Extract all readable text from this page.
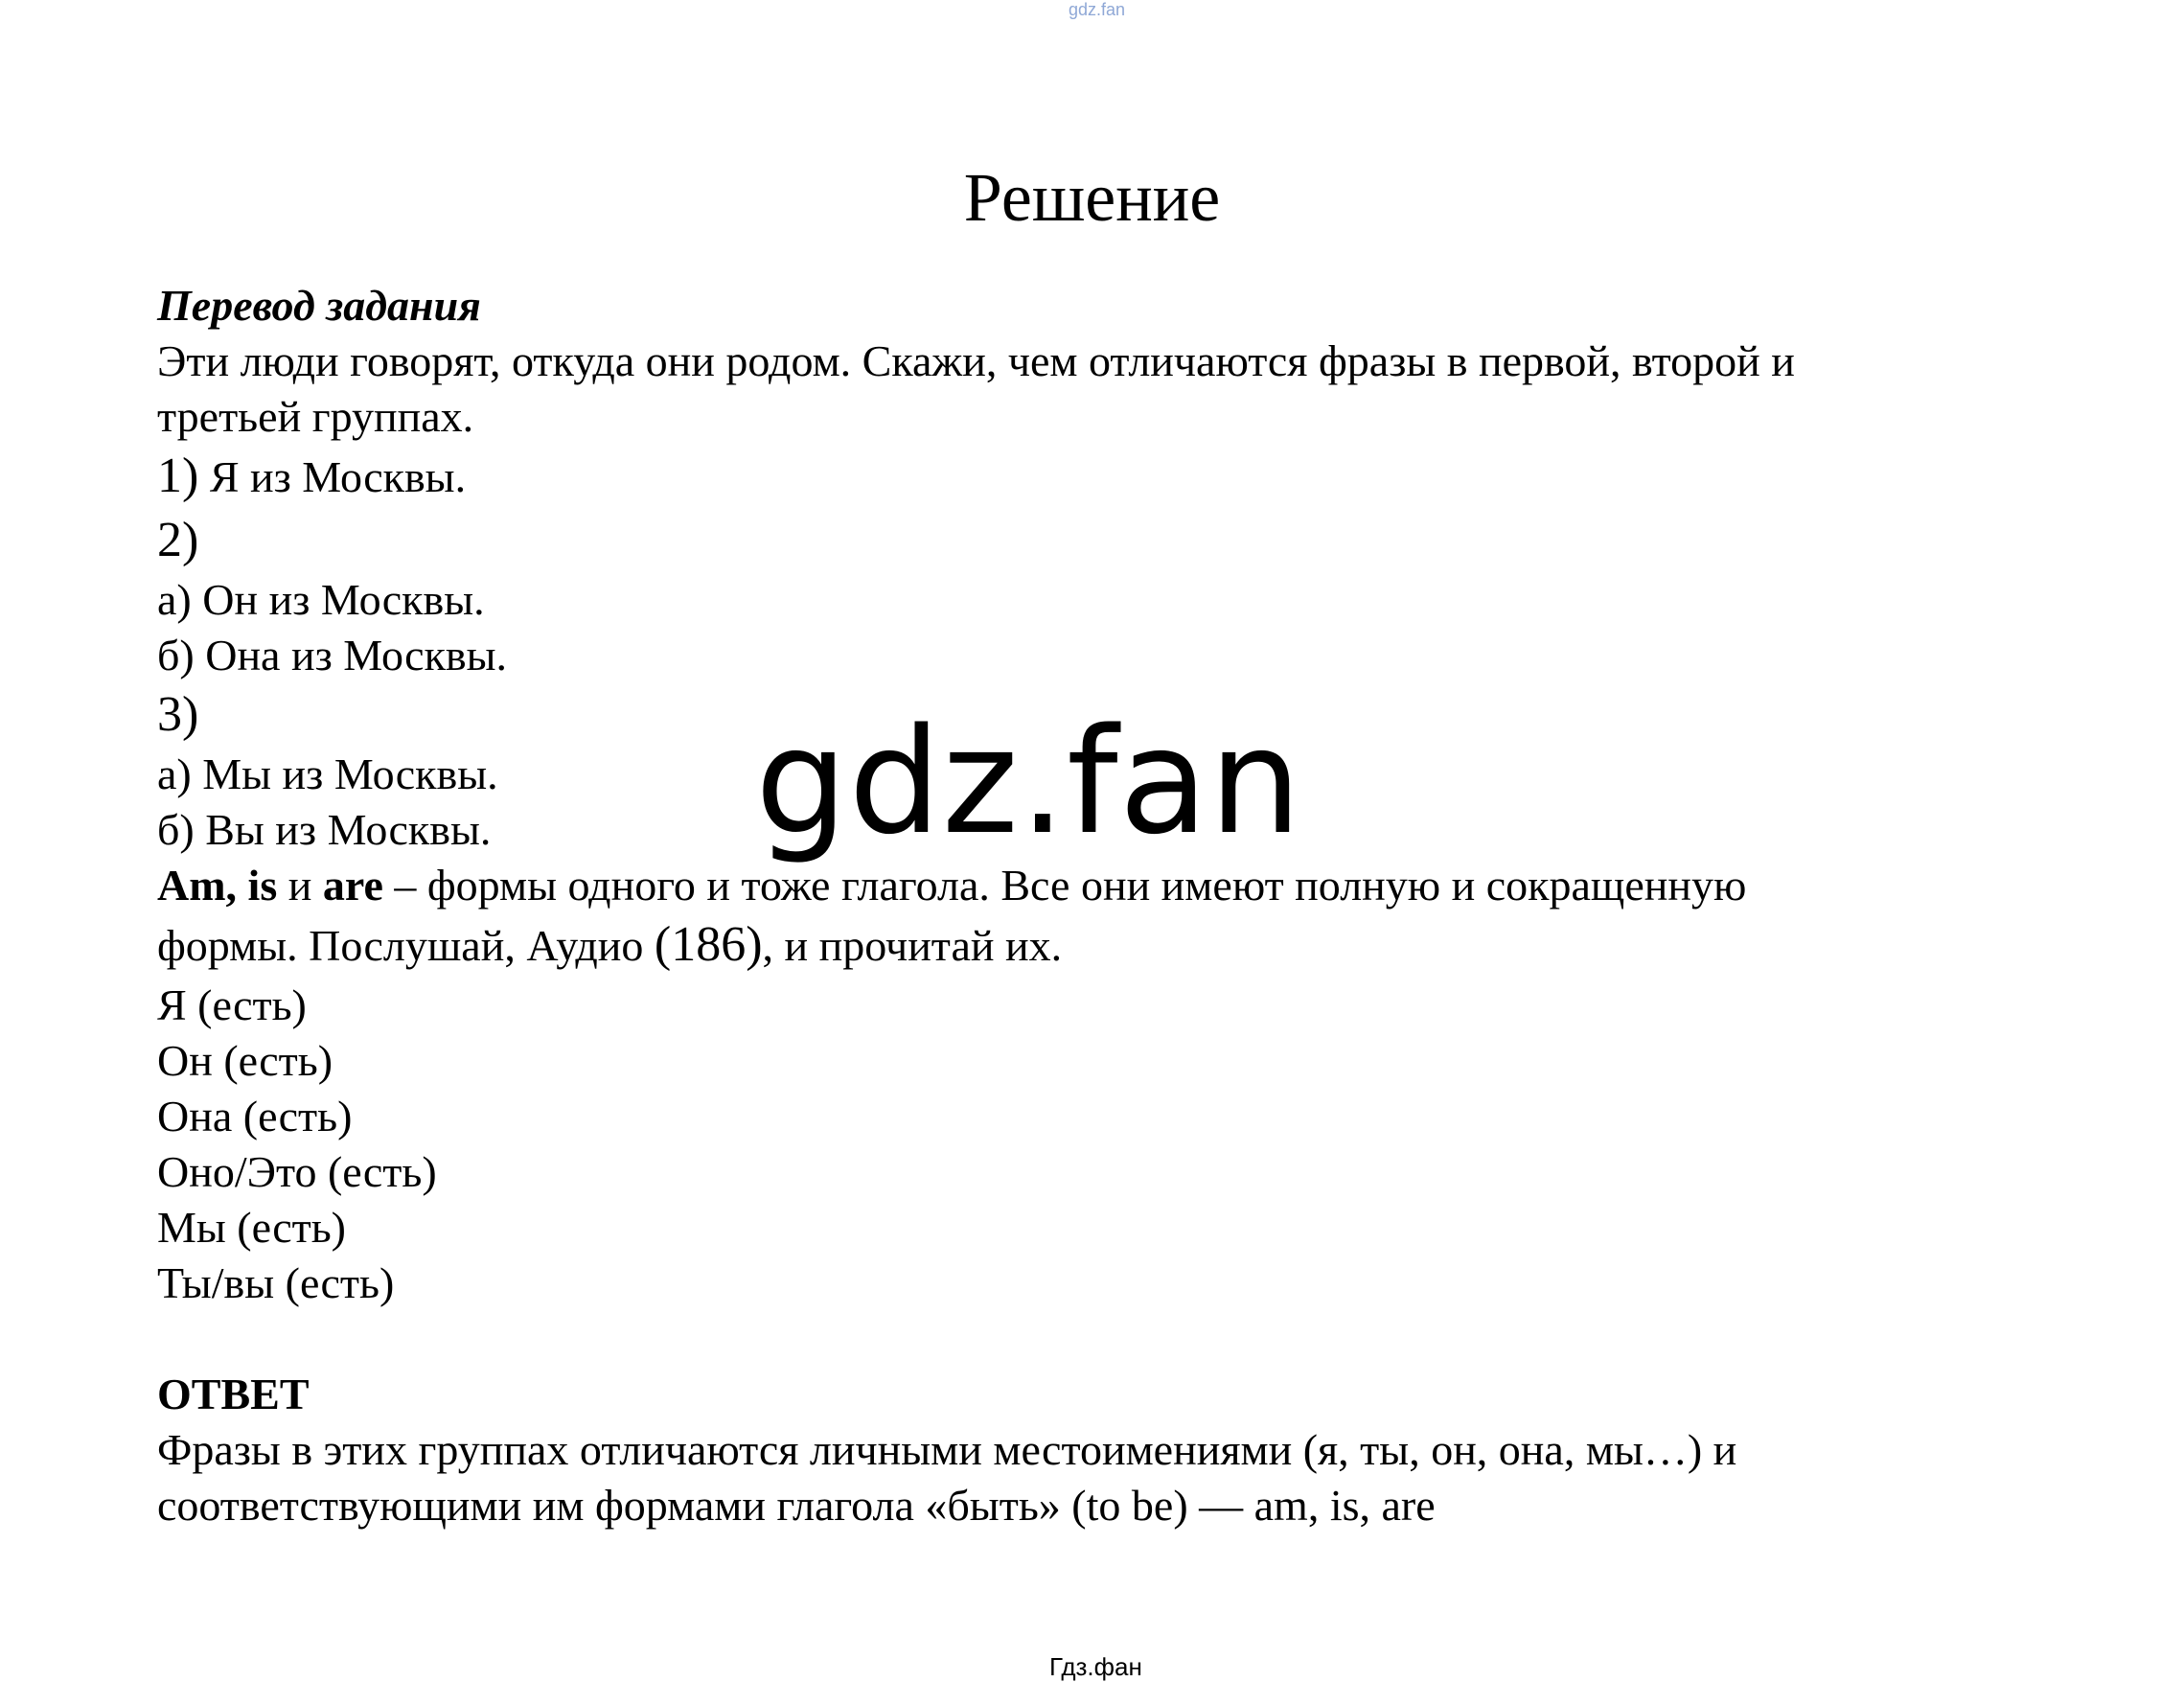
gdz.fan
Решение
Перевод задания
Эти люди говорят, откуда они родом. Скажи, чем отличаются фразы в первой, второй и
третьей группах.
1) Я из Москвы.
2)
а) Он из Москвы.
б) Она из Москвы.
3)
а) Мы из Москвы.
б) Вы из Москвы.
Am, is и are – формы одного и тоже глагола. Все они имеют полную и сокращенную
формы. Послушай, Аудио (186), и прочитай их.
Я (есть)
Он (есть)
Она (есть)
Оно/Это (есть)
Мы (есть)
Ты/вы (есть)
ОТВЕТ
Фразы в этих группах отличаются личными местоимениями (я, ты, он, она, мы…) и
соответствующими им формами глагола «быть» (to be) — am, is, are
gdz.fan
Гдз.фан
